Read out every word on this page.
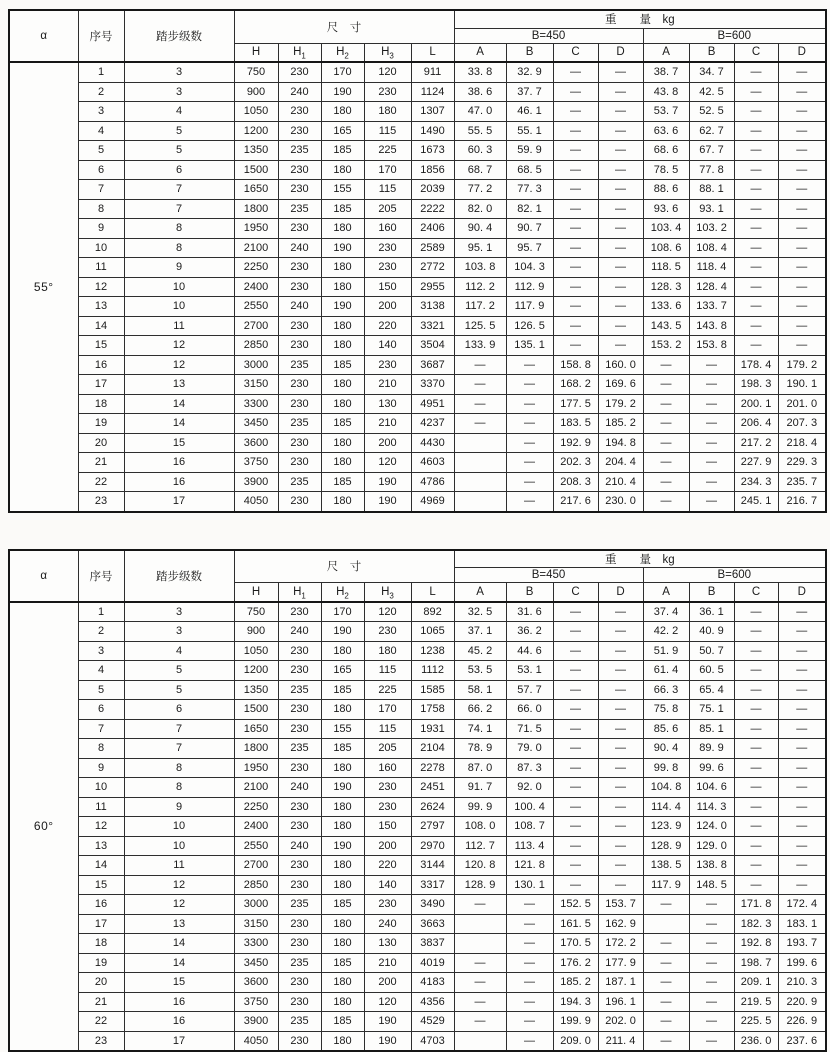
α	序号	踏步级数	尺　寸					重　　量　kg							
								B=450				B=600			
			H	$H_1$	$H_2$	$H_3$	L	A	B	C	D	A	B	C	D
55°	1	3	750	230	170	120	911	33. 8	32. 9	—	—	38. 7	34. 7	—	—
	2	3	900	240	190	230	1124	38. 6	37. 7	—	—	43. 8	42. 5	—	—
	3	4	1050	230	180	180	1307	47. 0	46. 1	—	—	53. 7	52. 5	—	—
	4	5	1200	230	165	115	1490	55. 5	55. 1	—	—	63. 6	62. 7	—	—
	5	5	1350	235	185	225	1673	60. 3	59. 9	—	—	68. 6	67. 7	—	—
	6	6	1500	230	180	170	1856	68. 7	68. 5	—	—	78. 5	77. 8	—	—
	7	7	1650	230	155	115	2039	77. 2	77. 3	—	—	88. 6	88. 1	—	—
	8	7	1800	235	185	205	2222	82. 0	82. 1	—	—	93. 6	93. 1	—	—
	9	8	1950	230	180	160	2406	90. 4	90. 7	—	—	103. 4	103. 2	—	—
	10	8	2100	240	190	230	2589	95. 1	95. 7	—	—	108. 6	108. 4	—	—
	11	9	2250	230	180	230	2772	103. 8	104. 3	—	—	118. 5	118. 4	—	—
	12	10	2400	230	180	150	2955	112. 2	112. 9	—	—	128. 3	128. 4	—	—
	13	10	2550	240	190	200	3138	117. 2	117. 9	—	—	133. 6	133. 7	—	—
	14	11	2700	230	180	220	3321	125. 5	126. 5	—	—	143. 5	143. 8	—	—
	15	12	2850	230	180	140	3504	133. 9	135. 1	—	—	153. 2	153. 8	—	—
	16	12	3000	235	185	230	3687	—	—	158. 8	160. 0	—	—	178. 4	179. 2
	17	13	3150	230	180	210	3370	—	—	168. 2	169. 6	—	—	198. 3	190. 1
	18	14	3300	230	180	130	4951	—	—	177. 5	179. 2	—	—	200. 1	201. 0
	19	14	3450	235	185	210	4237	—	—	183. 5	185. 2	—	—	206. 4	207. 3
	20	15	3600	230	180	200	4430		—	192. 9	194. 8	—	—	217. 2	218. 4
	21	16	3750	230	180	120	4603		—	202. 3	204. 4	—	—	227. 9	229. 3
	22	16	3900	235	185	190	4786		—	208. 3	210. 4	—	—	234. 3	235. 7
	23	17	4050	230	180	190	4969		—	217. 6	230. 0	—	—	245. 1	216. 7
α	序号	踏步级数	尺　寸					重　　量　kg							
								B=450				B=600			
			H	$H_1$	$H_2$	$H_3$	L	A	B	C	D	A	B	C	D
60°	1	3	750	230	170	120	892	32. 5	31. 6	—	—	37. 4	36. 1	—	—
	2	3	900	240	190	230	1065	37. 1	36. 2	—	—	42. 2	40. 9	—	—
	3	4	1050	230	180	180	1238	45. 2	44. 6	—	—	51. 9	50. 7	—	—
	4	5	1200	230	165	115	1112	53. 5	53. 1	—	—	61. 4	60. 5	—	—
	5	5	1350	235	185	225	1585	58. 1	57. 7	—	—	66. 3	65. 4	—	—
	6	6	1500	230	180	170	1758	66. 2	66. 0	—	—	75. 8	75. 1	—	—
	7	7	1650	230	155	115	1931	74. 1	71. 5	—	—	85. 6	85. 1	—	—
	8	7	1800	235	185	205	2104	78. 9	79. 0	—	—	90. 4	89. 9	—	—
	9	8	1950	230	180	160	2278	87. 0	87. 3	—	—	99. 8	99. 6	—	—
	10	8	2100	240	190	230	2451	91. 7	92. 0	—	—	104. 8	104. 6	—	—
	11	9	2250	230	180	230	2624	99. 9	100. 4	—	—	114. 4	114. 3	—	—
	12	10	2400	230	180	150	2797	108. 0	108. 7	—	—	123. 9	124. 0	—	—
	13	10	2550	240	190	200	2970	112. 7	113. 4	—	—	128. 9	129. 0	—	—
	14	11	2700	230	180	220	3144	120. 8	121. 8	—	—	138. 5	138. 8	—	—
	15	12	2850	230	180	140	3317	128. 9	130. 1	—	—	117. 9	148. 5	—	—
	16	12	3000	235	185	230	3490	—	—	152. 5	153. 7	—	—	171. 8	172. 4
	17	13	3150	230	180	240	3663		—	161. 5	162. 9		—	182. 3	183. 1
	18	14	3300	230	180	130	3837		—	170. 5	172. 2	—	—	192. 8	193. 7
	19	14	3450	235	185	210	4019	—	—	176. 2	177. 9	—	—	198. 7	199. 6
	20	15	3600	230	180	200	4183	—	—	185. 2	187. 1	—	—	209. 1	210. 3
	21	16	3750	230	180	120	4356	—	—	194. 3	196. 1	—	—	219. 5	220. 9
	22	16	3900	235	185	190	4529	—	—	199. 9	202. 0	—	—	225. 5	226. 9
	23	17	4050	230	180	190	4703		—	209. 0	211. 4	—	—	236. 0	237. 6
